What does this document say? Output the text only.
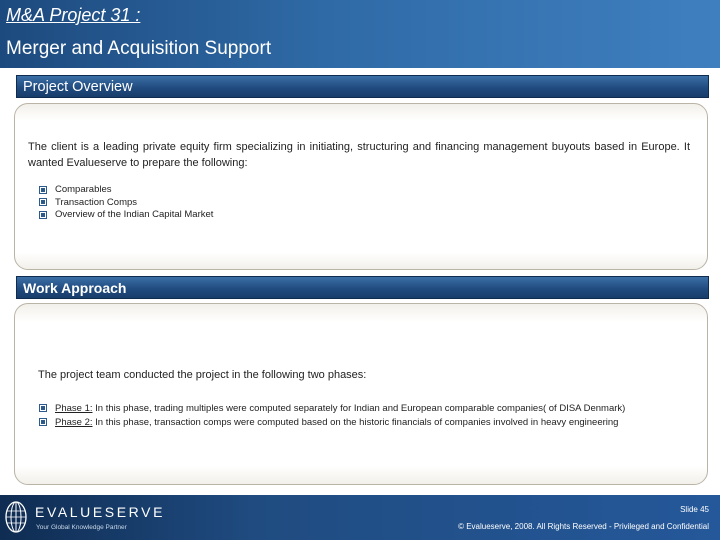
M&A Project 31 :
Merger and Acquisition Support
Project Overview
The client is a leading private equity firm specializing in initiating, structuring and financing management buyouts based in Europe. It wanted Evalueserve to prepare the following:
Comparables
Transaction Comps
Overview of the Indian Capital Market
Work Approach
The project team conducted the project in the following two phases:
Phase 1: In this phase, trading multiples were computed separately for Indian and European comparable companies( of DISA Denmark)
Phase 2: In this phase, transaction comps were computed based on the historic financials of companies involved in heavy engineering
EVALUESERVE
Your Global Knowledge Partner
Slide 45
© Evalueserve, 2008. All Rights Reserved - Privileged and Confidential
